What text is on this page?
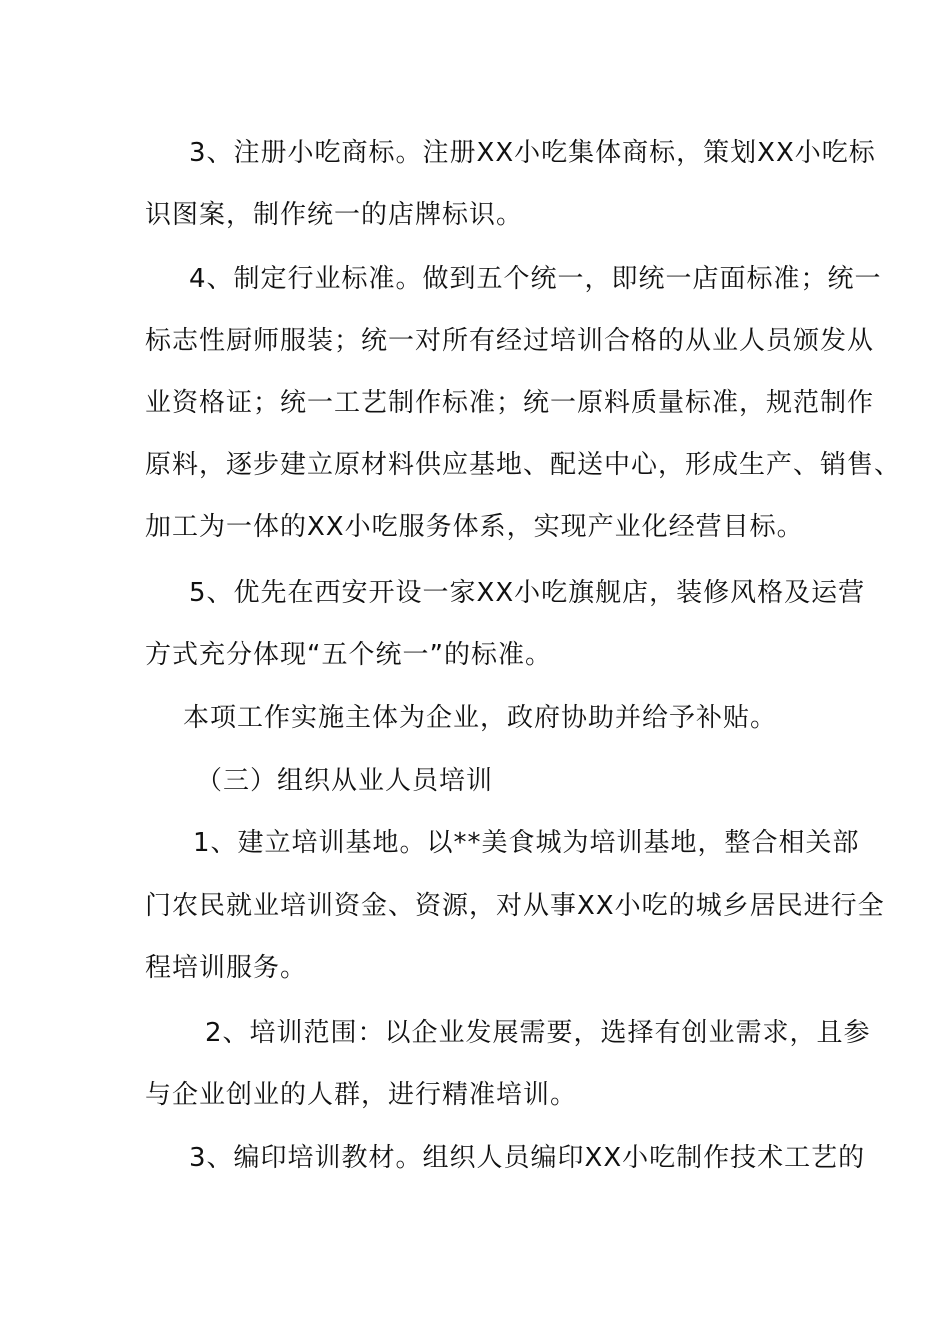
3、注册小吃商标。注册XX小吃集体商标，策划XX小吃标
识图案，制作统一的店牌标识。
4、制定行业标准。做到五个统一，即统一店面标准；统一
标志性厨师服装；统一对所有经过培训合格的从业人员颁发从
业资格证；统一工艺制作标准；统一原料质量标准，规范制作
原料，逐步建立原材料供应基地、配送中心，形成生产、销售、
加工为一体的XX小吃服务体系，实现产业化经营目标。
5、优先在西安开设一家XX小吃旗舰店，装修风格及运营
方式充分体现“五个统一”的标准。
本项工作实施主体为企业，政府协助并给予补贴。
（三）组织从业人员培训
1、建立培训基地。以**美食城为培训基地，整合相关部
门农民就业培训资金、资源，对从事XX小吃的城乡居民进行全
程培训服务。
2、培训范围：以企业发展需要，选择有创业需求，且参
与企业创业的人群，进行精准培训。
3、编印培训教材。组织人员编印XX小吃制作技术工艺的
